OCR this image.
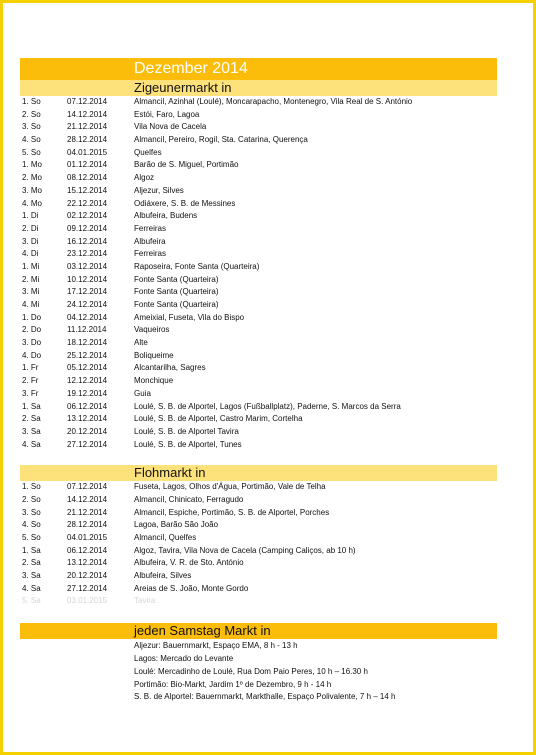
Dezember 2014
Zigeunermarkt in
1. So	07.12.2014	Almancil, Azinhal (Loulé), Moncarapacho, Montenegro, Vila Real de S. António
2. So	14.12.2014	Estói, Faro, Lagoa
3. So	21.12.2014	Vila Nova de Cacela
4. So	28.12.2014	Almancil, Pereiro, Rogil, Sta. Catarina, Querença
5. So	04.01.2015	Quelfes
1. Mo	01.12.2014	Barão de S. Miguel, Portimão
2. Mo	08.12.2014	Algoz
3. Mo	15.12.2014	Aljezur, Silves
4. Mo	22.12.2014	Odiáxere, S. B. de Messines
1. Di	02.12.2014	Albufeira, Budens
2. Di	09.12.2014	Ferreiras
3. Di	16.12.2014	Albufeira
4. Di	23.12.2014	Ferreiras
1. Mi	03.12.2014	Raposeira, Fonte Santa (Quarteira)
2. Mi	10.12.2014	Fonte Santa (Quarteira)
3. Mi	17.12.2014	Fonte Santa (Quarteira)
4. Mi	24.12.2014	Fonte Santa (Quarteira)
1. Do	04.12.2014	Ameixial, Fuseta, Vila do Bispo
2. Do	11.12.2014	Vaqueiros
3. Do	18.12.2014	Alte
4. Do	25.12.2014	Boliqueime
1. Fr	05.12.2014	Alcantarilha, Sagres
2. Fr	12.12.2014	Monchique
3. Fr	19.12.2014	Guia
1. Sa	06.12.2014	Loulé, S. B. de Alportel, Lagos (Fußballplatz), Paderne, S. Marcos da Serra
2. Sa	13.12.2014	Loulé, S. B. de Alportel, Castro Marim, Cortelha
3. Sa	20.12.2014	Loulé, S. B. de Alportel Tavira
4. Sa	27.12.2014	Loulé, S. B. de Alportel, Tunes
Flohmarkt in
1. So	07.12.2014	Fuseta, Lagos, Olhos d'Água, Portimão, Vale de Telha
2. So	14.12.2014	Almancil, Chinicato, Ferragudo
3. So	21.12.2014	Almancil, Espiche, Portimão, S. B. de Alportel, Porches
4. So	28.12.2014	Lagoa, Barão São João
5. So	04.01.2015	Almancil, Quelfes
1. Sa	06.12.2014	Algoz, Tavira, Vila Nova de Cacela (Camping Caliços, ab 10 h)
2. Sa	13.12.2014	Albufeira, V. R. de Sto. António
3. Sa	20.12.2014	Albufeira, Silves
4. Sa	27.12.2014	Areias de S. João, Monte Gordo
5. Sa	03.01.2015	Tavira
jeden Samstag Markt in
Aljezur: Bauernmarkt, Espaço EMA, 8 h - 13 h
Lagos: Mercado do Levante
Loulé: Mercadinho de Loulé, Rua Dom Paio Peres, 10 h – 16.30 h
Portimão: Bio-Markt, Jardim 1º de Dezembro, 9 h - 14 h
S. B. de Alportel: Bauernmarkt, Markthalle, Espaço Polivalente, 7 h – 14 h
